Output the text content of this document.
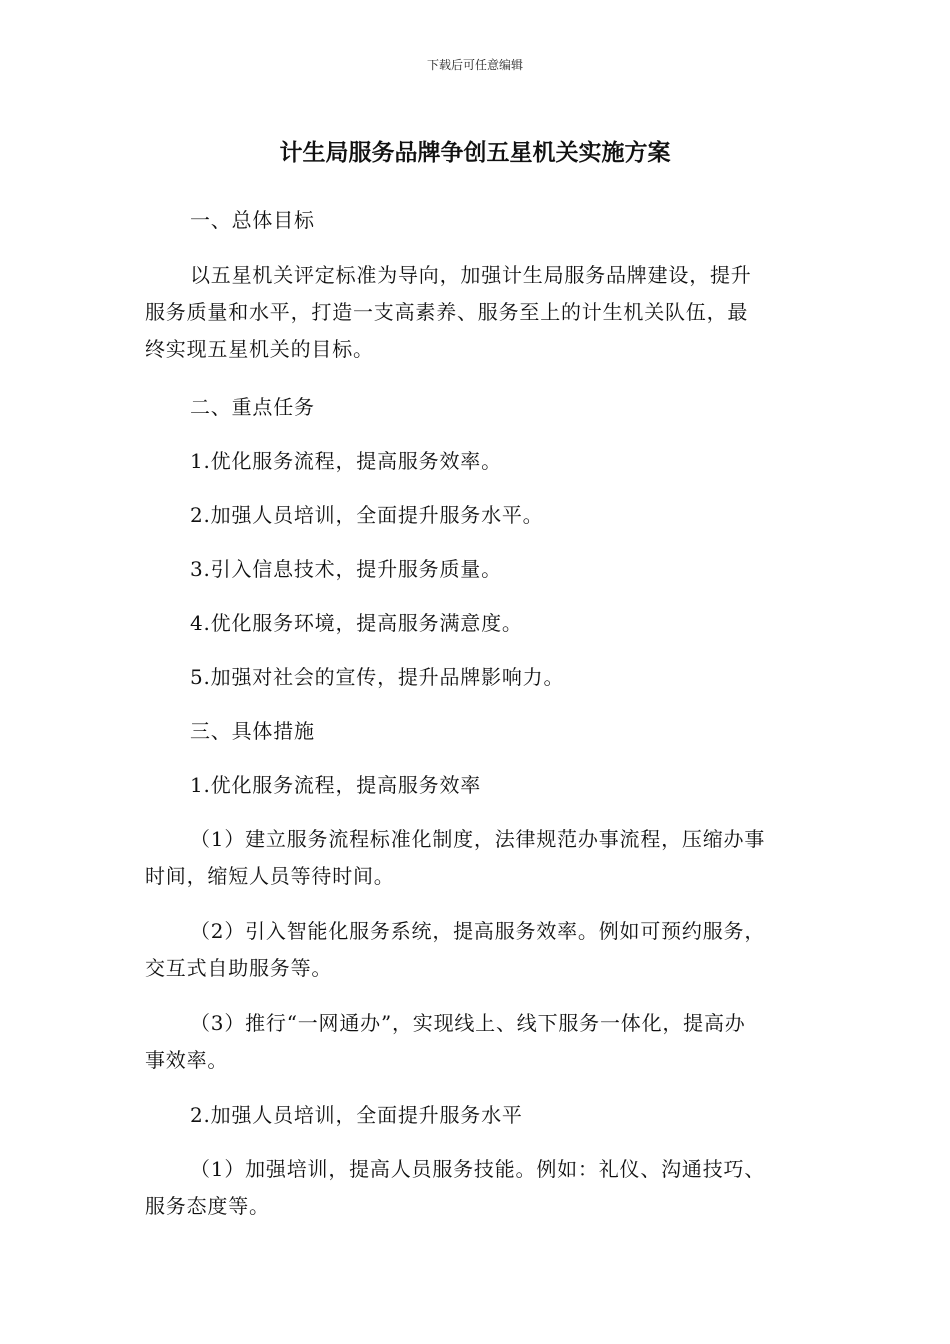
下载后可任意编辑
计生局服务品牌争创五星机关实施方案
一、总体目标
以五星机关评定标准为导向，加强计生局服务品牌建设，提升
服务质量和水平，打造一支高素养、服务至上的计生机关队伍，最
终实现五星机关的目标。
二、重点任务
1.优化服务流程，提高服务效率。
2.加强人员培训，全面提升服务水平。
3.引入信息技术，提升服务质量。
4.优化服务环境，提高服务满意度。
5.加强对社会的宣传，提升品牌影响力。
三、具体措施
1.优化服务流程，提高服务效率
（1）建立服务流程标准化制度，法律规范办事流程，压缩办事
时间，缩短人员等待时间。
（2）引入智能化服务系统，提高服务效率。例如可预约服务，
交互式自助服务等。
（3）推行“一网通办”，实现线上、线下服务一体化，提高办
事效率。
2.加强人员培训，全面提升服务水平
（1）加强培训，提高人员服务技能。例如：礼仪、沟通技巧、
服务态度等。
